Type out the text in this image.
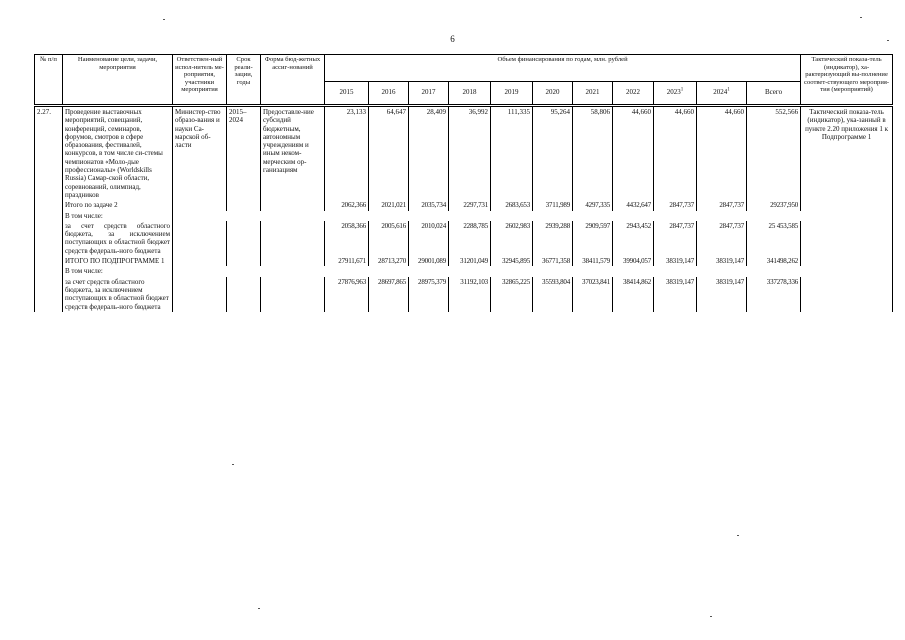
6
№ п/п	Наименование цели, задачи, мероприятия	Ответствен-ный испол-нитель ме-роприятия, участники мероприятия	Срок реали-зации, годы	Форма бюд-жетных ассиг-нований	Объем финансирования по годам, млн. рублей											Тактический показа-тель (индикатор), ха-рактеризующий вы-полнение соответ-ствующего мероприя-тия (мероприятий)
					2015	2016	2017	2018	2019	2020	2021	2022	2023$^1$	2024$^1$	Всего	
2.27.	Проведение выставочных мероприятий, совещаний, конференций, семинаров, форумов, смотров в сфере образования, фестивалей, конкурсов, в том числе си-стемы чемпионатов «Моло-дые профессионалы» (Worldskills Russia) Самар-ской области, соревнований, олимпиад, праздников	Министер-ство образо-вания и науки Са-марской об-ласти	2015–2024	Предоставле-ние субсидий бюджетным, автономным учреждениям и иным неком-мерческим ор-ганизациям	23,133	64,647	28,409	36,992	111,335	95,264	58,806	44,660	44,660	44,660	552,566	Тактический показа-тель (индикатор), ука-занный в пункте 2.20 приложения 1 к Подпрограмме 1
	Итого по задаче 2				2062,366	2021,021	2035,734	2297,731	2683,653	3711,989	4297,335	4432,647	2847,737	2847,737	29237,950	
	В том числе:															
	за счет средств областного бюджета, за исключением поступающих в областной бюджет средств федераль-ного бюджета				2058,366	2005,616	2010,024	2288,785	2602,983	2939,288	2909,597	2943,452	2847,737	2847,737	25 453,585	
	ИТОГО ПО ПОДПРОГРАММЕ 1				27911,671	28713,270	29001,089	31201,049	32945,895	36771,358	38411,579	39904,057	38319,147	38319,147	341498,262	
	В том числе:															
	за счет средств областного бюджета, за исключением поступающих в областной бюджет средств федераль-ного бюджета				27876,963	28697,865	28975,379	31192,103	32865,225	35593,804	37023,841	38414,862	38319,147	38319,147	337278,336	
